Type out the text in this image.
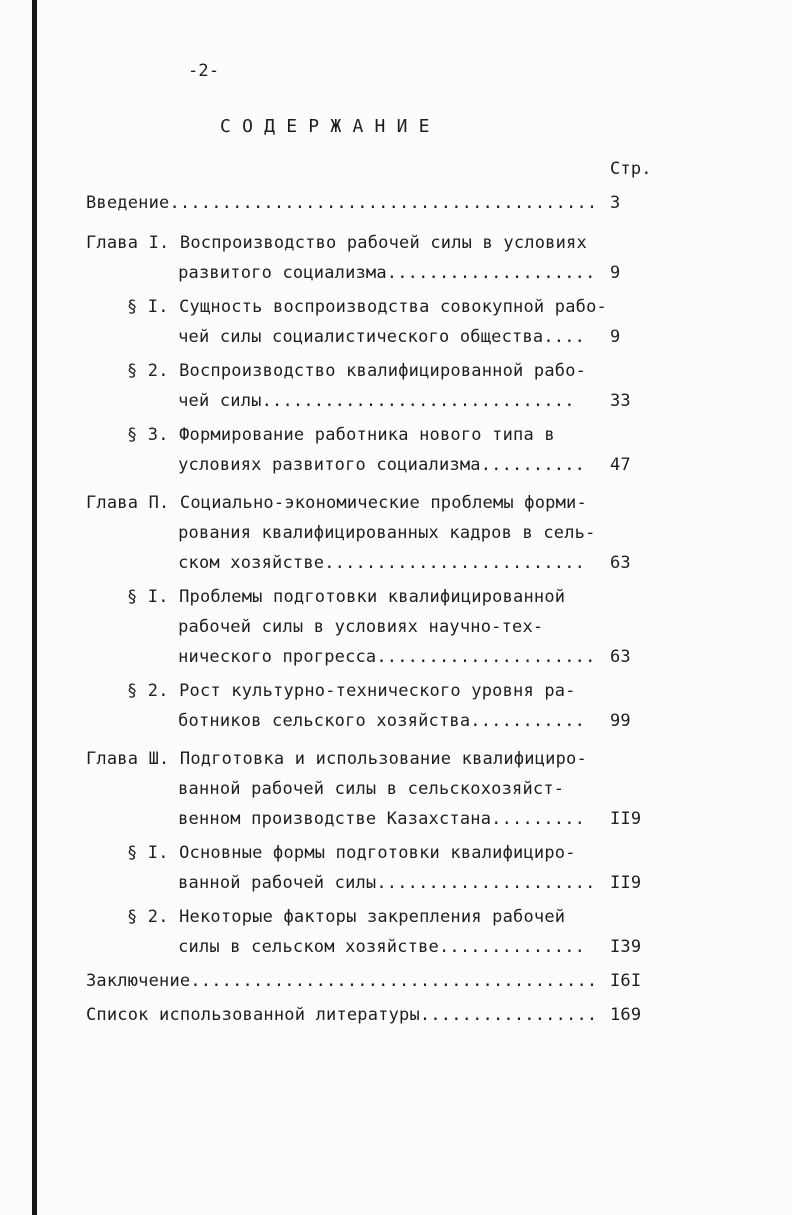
-2-
С О Д Е Р Ж А Н И Е
Стр.
Введение......................................... 3
Глава I. Воспроизводство рабочей силы в условиях
развитого социализма.................... 9
§ I. Сущность воспроизводства совокупной рабо-
чей силы социалистического общества.... 9
§ 2. Воспроизводство квалифицированной рабо-
чей силы.............................. 33
§ 3. Формирование работника нового типа в
условиях развитого социализма.......... 47
Глава П. Социально-экономические проблемы форми-
рования квалифицированных кадров в сель-
ском хозяйстве......................... 63
§ I. Проблемы подготовки квалифицированной
рабочей силы в условиях научно-тех-
нического прогресса..................... 63
§ 2. Рост культурно-технического уровня ра-
ботников сельского хозяйства........... 99
Глава Ш. Подготовка и использование квалифициро-
ванной рабочей силы в сельскохозяйст-
венном производстве Казахстана......... II9
§ I. Основные формы подготовки квалифициро-
ванной рабочей силы..................... II9
§ 2. Некоторые факторы закрепления рабочей
силы в сельском хозяйстве.............. I39
Заключение....................................... I6I
Список использованной литературы................. 169
